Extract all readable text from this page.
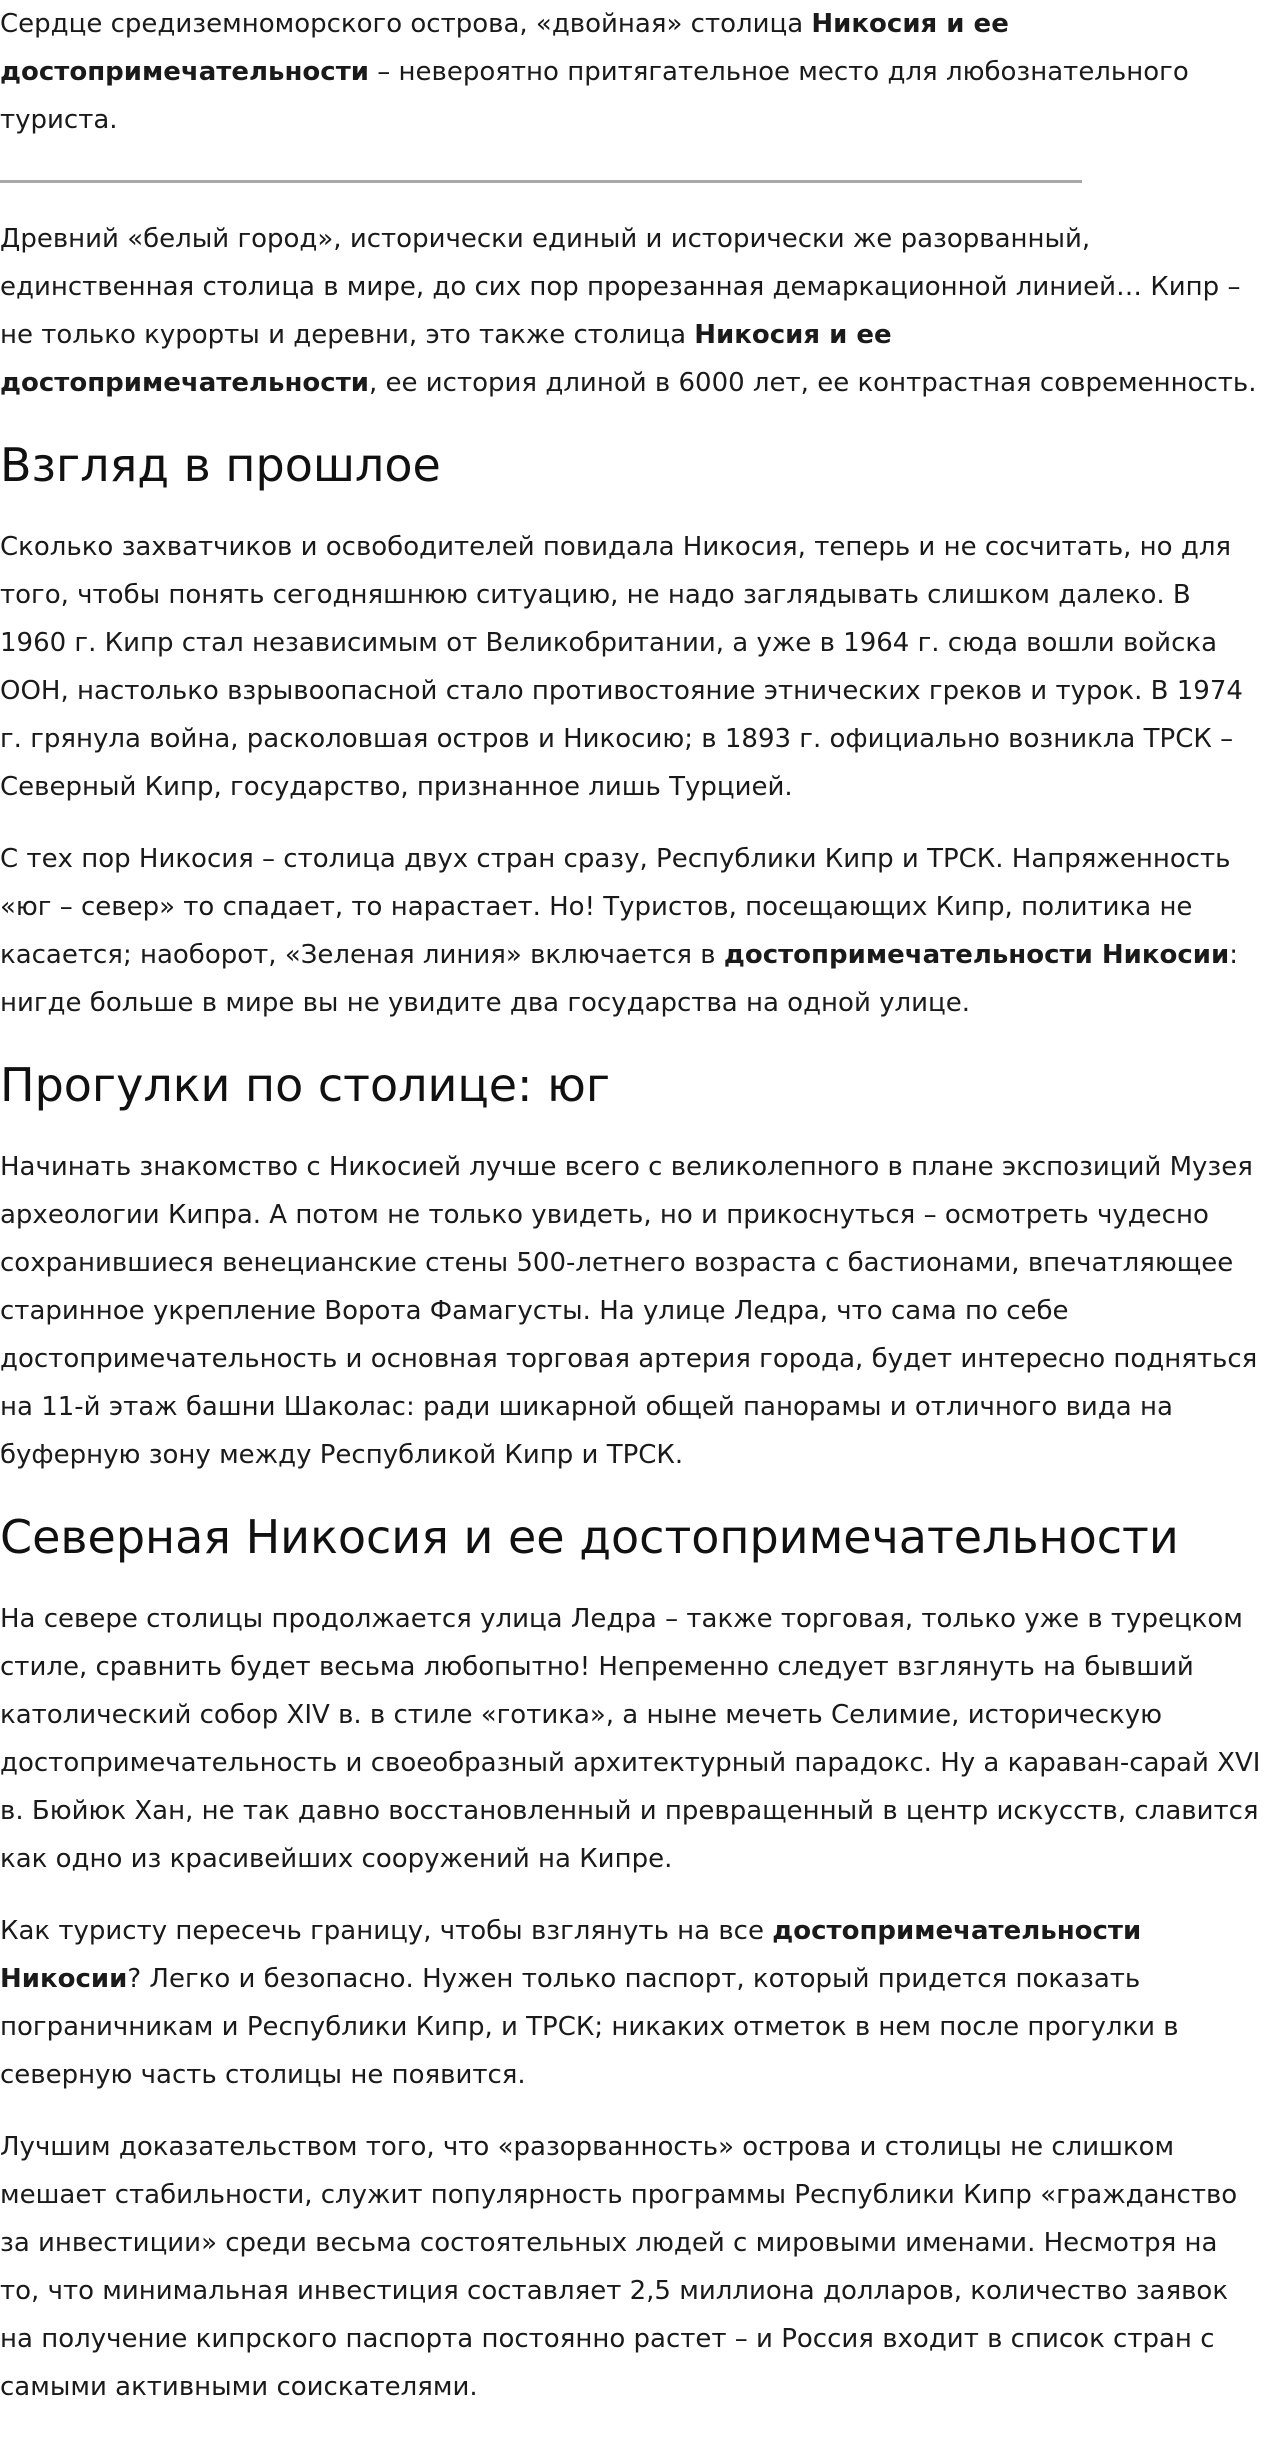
Сердце средиземноморского острова, «двойная» столица Никосия и ее достопримечательности – невероятно притягательное место для любознательного туриста.

Древний «белый город», исторически единый и исторически же разорванный, единственная столица в мире, до сих пор прорезанная демаркационной линией… Кипр – не только курорты и деревни, это также столица Никосия и ее достопримечательности, ее история длиной в 6000 лет, ее контрастная современность.

Взгляд в прошлое

Сколько захватчиков и освободителей повидала Никосия, теперь и не сосчитать, но для того, чтобы понять сегодняшнюю ситуацию, не надо заглядывать слишком далеко. В 1960 г. Кипр стал независимым от Великобритании, а уже в 1964 г. сюда вошли войска ООН, настолько взрывоопасной стало противостояние этнических греков и турок. В 1974 г. грянула война, расколовшая остров и Никосию; в 1893 г. официально возникла ТРСК – Северный Кипр, государство, признанное лишь Турцией.

С тех пор Никосия – столица двух стран сразу, Республики Кипр и ТРСК. Напряженность «юг – север» то спадает, то нарастает. Но! Туристов, посещающих Кипр, политика не касается; наоборот, «Зеленая линия» включается в достопримечательности Никосии: нигде больше в мире вы не увидите два государства на одной улице.

Прогулки по столице: юг

Начинать знакомство с Никосией лучше всего с великолепного в плане экспозиций Музея археологии Кипра. А потом не только увидеть, но и прикоснуться – осмотреть чудесно сохранившиеся венецианские стены 500-летнего возраста с бастионами, впечатляющее старинное укрепление Ворота Фамагусты. На улице Ледра, что сама по себе достопримечательность и основная торговая артерия города, будет интересно подняться на 11-й этаж башни Шаколас: ради шикарной общей панорамы и отличного вида на буферную зону между Республикой Кипр и ТРСК.

Северная Никосия и ее достопримечательности

На севере столицы продолжается улица Ледра – также торговая, только уже в турецком стиле, сравнить будет весьма любопытно! Непременно следует взглянуть на бывший католический собор XIV в. в стиле «готика», а ныне мечеть Селимие, историческую достопримечательность и своеобразный архитектурный парадокс. Ну а караван-сарай XVI в. Бюйюк Хан, не так давно восстановленный и превращенный в центр искусств, славится как одно из красивейших сооружений на Кипре.

Как туристу пересечь границу, чтобы взглянуть на все достопримечательности Никосии? Легко и безопасно. Нужен только паспорт, который придется показать пограничникам и Республики Кипр, и ТРСК; никаких отметок в нем после прогулки в северную часть столицы не появится.

Лучшим доказательством того, что «разорванность» острова и столицы не слишком мешает стабильности, служит популярность программы Республики Кипр «гражданство за инвестиции» среди весьма состоятельных людей с мировыми именами. Несмотря на то, что минимальная инвестиция составляет 2,5 миллиона долларов, количество заявок на получение кипрского паспорта постоянно растет – и Россия входит в список стран с самыми активными соискателями.
